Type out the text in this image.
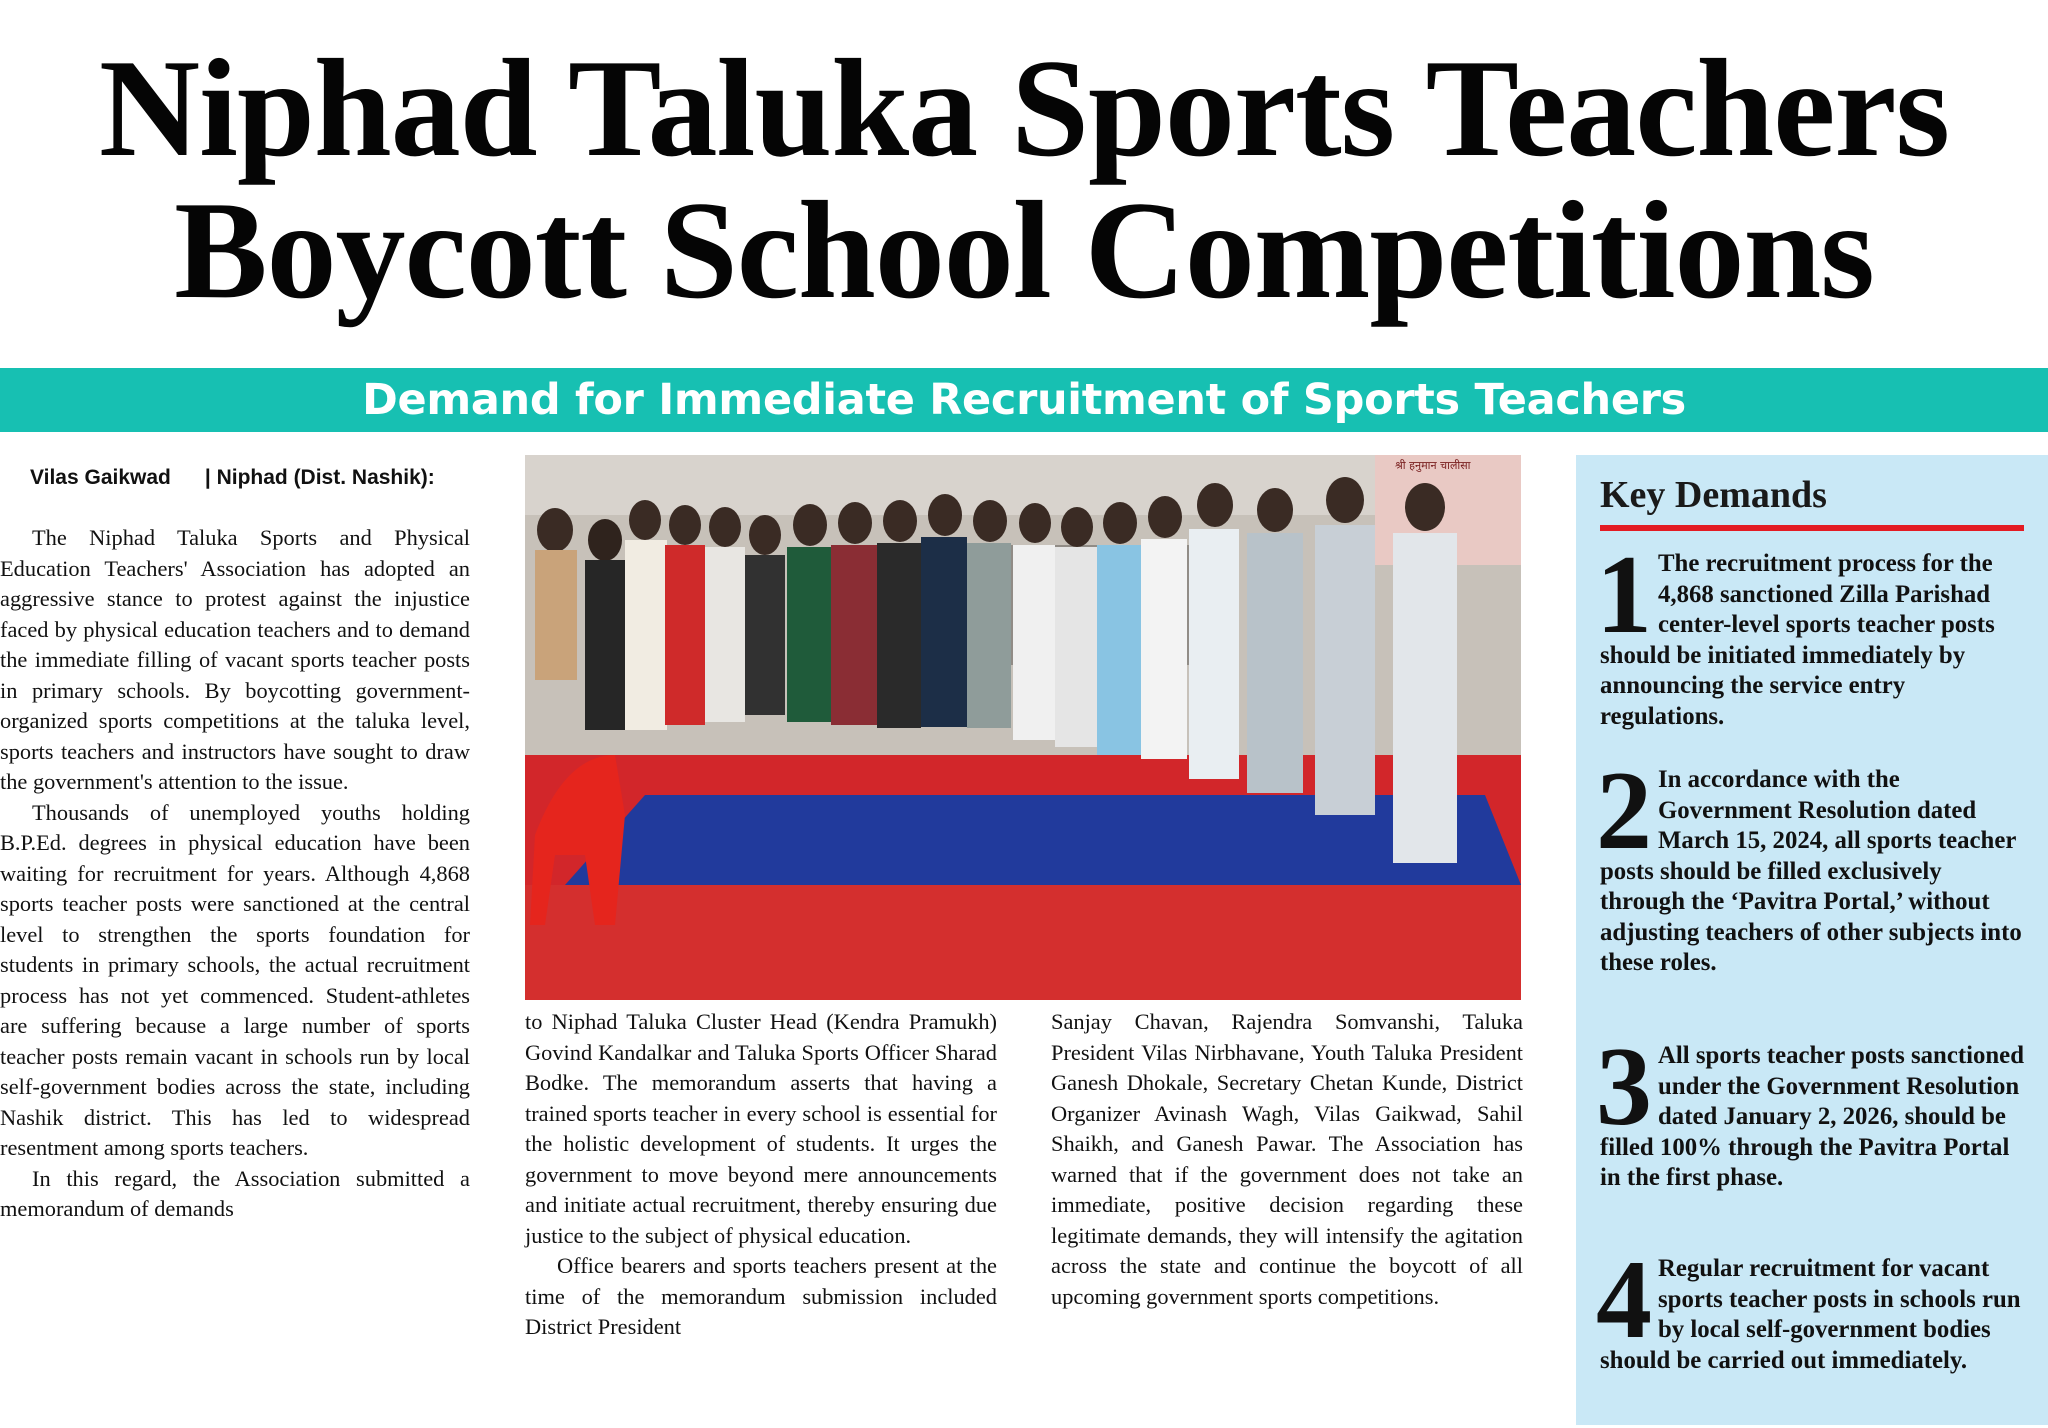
Niphad Taluka Sports Teachers
Boycott School Competitions
Demand for Immediate Recruitment of Sports Teachers
Vilas Gaikwad | Niphad (Dist. Nashik):

The Niphad Taluka Sports and Physical Education Teachers' Association has adopted an aggressive stance to protest against the injustice faced by physical education teachers and to demand the immediate filling of vacant sports teacher posts in primary schools. By boycotting government-organized sports competitions at the taluka level, sports teachers and instructors have sought to draw the government's attention to the issue.

Thousands of unemployed youths holding B.P.Ed. degrees in physical education have been waiting for recruitment for years. Although 4,868 sports teacher posts were sanctioned at the central level to strengthen the sports foundation for students in primary schools, the actual recruitment process has not yet commenced. Student-athletes are suffering because a large number of sports teacher posts remain vacant in schools run by local self-government bodies across the state, including Nashik district. This has led to widespread resentment among sports teachers.

In this regard, the Association submitted a memorandum of demands

श्री हनुमान चालीसा

to Niphad Taluka Cluster Head (Kendra Pramukh) Govind Kandalkar and Taluka Sports Officer Sharad Bodke. The memorandum asserts that having a trained sports teacher in every school is essential for the holistic development of students. It urges the government to move beyond mere announcements and initiate actual recruitment, thereby ensuring due justice to the subject of physical education.

Office bearers and sports teachers present at the time of the memorandum submission included District President

Sanjay Chavan, Rajendra Somvanshi, Taluka President Vilas Nirbhavane, Youth Taluka President Ganesh Dhokale, Secretary Chetan Kunde, District Organizer Avinash Wagh, Vilas Gaikwad, Sahil Shaikh, and Ganesh Pawar. The Association has warned that if the government does not take an immediate, positive decision regarding these legitimate demands, they will intensify the agitation across the state and continue the boycott of all upcoming government sports competitions.

Key Demands
1 The recruitment process for the 4,868 sanctioned Zilla Parishad center-level sports teacher posts should be initiated immediately by announcing the service entry regulations.
2 In accordance with the Government Resolution dated March 15, 2024, all sports teacher posts should be filled exclusively through the ‘Pavitra Portal,’ without adjusting teachers of other subjects into these roles.
3 All sports teacher posts sanctioned under the Government Resolution dated January 2, 2026, should be filled 100% through the Pavitra Portal in the first phase.
4 Regular recruitment for vacant sports teacher posts in schools run by local self-government bodies should be carried out immediately.
